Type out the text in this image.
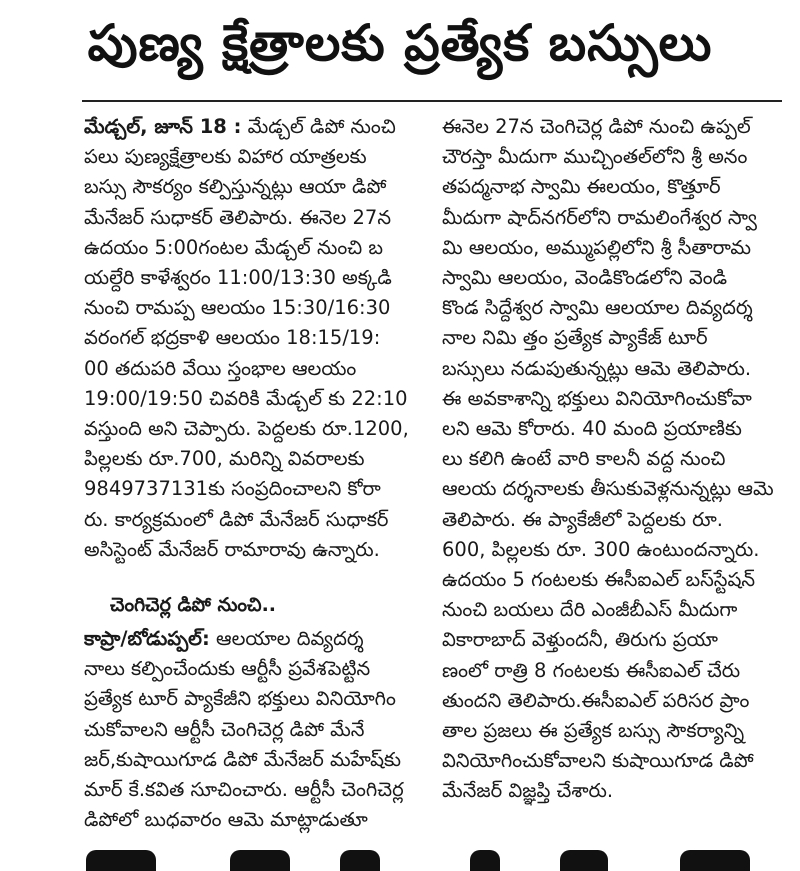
పుణ్య క్షేత్రాలకు ప్రత్యేక బస్సులు
మేడ్చల్, జూన్ 18 : మేడ్చల్ డిపో నుంచి
పలు పుణ్యక్షేత్రాలకు విహార యాత్రలకు
బస్సు సౌకర్యం కల్పిస్తున్నట్లు ఆయా డిపో
మేనేజర్ సుధాకర్ తెలిపారు. ఈనెల 27న
ఉదయం 5:00గంటల మేడ్చల్ నుంచి బ
యల్దేరి కాళేశ్వరం 11:00/13:30 అక్కడి
నుంచి రామప్ప ఆలయం 15:30/16:30
వరంగల్ భద్రకాళి ఆలయం 18:15/19:
00 తదుపరి వేయి స్తంభాల ఆలయం
19:00/19:50 చివరికి మేడ్చల్ కు 22:10
వస్తుంది అని చెప్పారు. పెద్దలకు రూ.1200,
పిల్లలకు రూ.700, మరిన్ని వివరాలకు
9849737131కు సంప్రదించాలని కోరా
రు. కార్యక్రమంలో డిపో మేనేజర్ సుధాకర్
అసిస్టెంట్ మేనేజర్ రామారావు ఉన్నారు.
చెంగిచెర్ల డిపో నుంచి..
కాప్రా/బోడుప్పల్: ఆలయాల దివ్యదర్శ
నాలు కల్పించేందుకు ఆర్టీసీ ప్రవేశపెట్టిన
ప్రత్యేక టూర్ ప్యాకేజీని భక్తులు వినియోగిం
చుకోవాలని ఆర్టీసీ చెంగిచెర్ల డిపో మేనే
జర్,కుషాయిగూడ డిపో మేనేజర్ మహేష్‌కు
మార్ కే.కవిత సూచించారు. ఆర్టీసీ చెంగిచెర్ల
డిపోలో బుధవారం ఆమె మాట్లాడుతూ
ఈనెల 27న చెంగిచెర్ల డిపో నుంచి ఉప్పల్
చౌరస్తా మీదుగా ముచ్చింతల్‌లోని శ్రీ అనం
తపద్మనాభ స్వామి ఈలయం, కొత్తూర్
మీదుగా షాద్‌నగర్‌లోని రామలింగేశ్వర స్వా
మి ఆలయం, అమ్ముపల్లిలోని శ్రీ సీతారామ
స్వామి ఆలయం, వెండికొండలోని వెండి
కొండ సిద్దేశ్వర స్వామి ఆలయాల దివ్యదర్శ
నాల నిమి త్తం ప్రత్యేక ప్యాకేజ్ టూర్
బస్సులు నడుపుతున్నట్లు ఆమె తెలిపారు.
ఈ అవకాశాన్ని భక్తులు వినియోగించుకోవా
లని ఆమె కోరారు. 40 మంది ప్రయాణికు
లు కలిగి ఉంటే వారి కాలనీ వద్ద నుంచి
ఆలయ దర్శనాలకు తీసుకువెళ్లనున్నట్లు ఆమె
తెలిపారు. ఈ ప్యాకేజీలో పెద్దలకు రూ.
600, పిల్లలకు రూ. 300 ఉంటుందన్నారు.
ఉదయం 5 గంటలకు ఈసీఐఎల్ బస్‌స్టేషన్
నుంచి బయలు దేరి ఎంజీబీఎస్ మీదుగా
వికారాబాద్ వెళ్తుందనీ, తిరుగు ప్రయా
ణంలో రాత్రి 8 గంటలకు ఈసీఐఎల్ చేరు
తుందని తెలిపారు.ఈసీఐఎల్ పరిసర ప్రాం
తాల ప్రజలు ఈ ప్రత్యేక బస్సు సౌకర్యాన్ని
వినియోగించుకోవాలని కుషాయిగూడ డిపో
మేనేజర్ విజ్ఞప్తి చేశారు.
